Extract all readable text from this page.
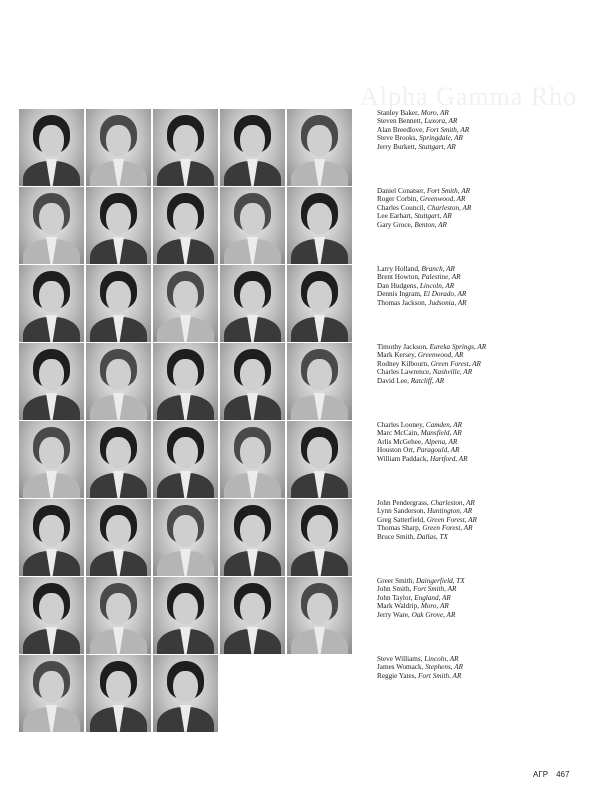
Alpha Gamma Rho
Stanley Baker, Moro, AR
Steven Bennett, Luxora, AR
Alan Breedlove, Fort Smith, AR
Steve Brooks, Springdale, AR
Jerry Burkett, Stuttgart, AR
Daniel Conatser, Fort Smith, AR
Roger Corbin, Greenwood, AR
Charles Council, Charleston, AR
Lee Earhart, Stuttgart, AR
Gary Groce, Benton, AR
Larry Holland, Branch, AR
Brent Howton, Palestine, AR
Dan Hudgens, Lincoln, AR
Dennis Ingram, El Dorado, AR
Thomas Jackson, Judsonia, AR
Timothy Jackson, Eureka Springs, AR
Mark Kersey, Greenwood, AR
Rodney Kilbourn, Green Forest, AR
Charles Lawrence, Nashville, AR
David Lee, Ratcliff, AR
Charles Looney, Camden, AR
Marc McCain, Mansfield, AR
Arlis McGehee, Alpena, AR
Houston Orr, Paragould, AR
William Paddack, Hartford, AR
John Pendergrass, Charleston, AR
Lynn Sanderson, Huntington, AR
Greg Satterfield, Green Forest, AR
Thomas Sharp, Green Forest, AR
Bruce Smith, Dallas, TX
Greer Smith, Daingerfield, TX
John Smith, Fort Smith, AR
John Taylor, England, AR
Mark Waldrip, Moro, AR
Jerry Ware, Oak Grove, AR
Steve Williams, Lincoln, AR
James Womack, Stephens, AR
Reggie Yates, Fort Smith, AR
ΑΓΡ 467
